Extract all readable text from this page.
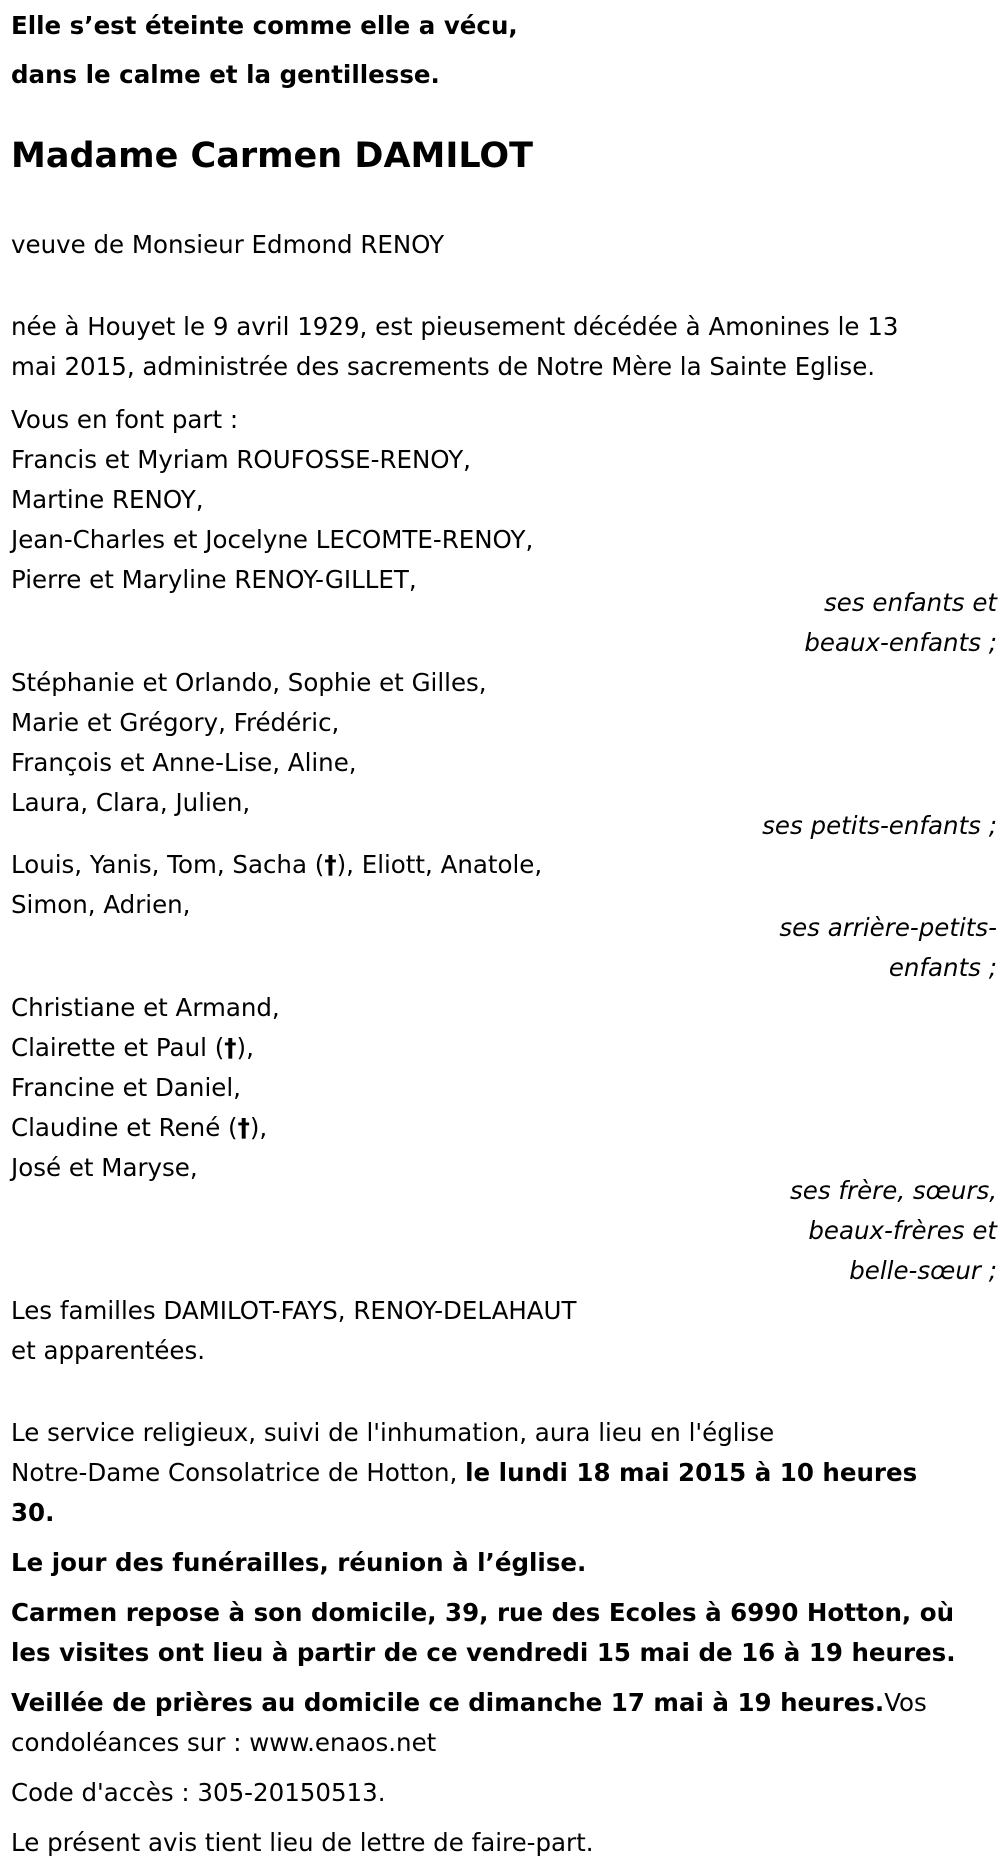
Elle s’est éteinte comme elle a vécu,

dans le calme et la gentillesse.

Madame Carmen DAMILOT

veuve de Monsieur Edmond RENOY

née à Houyet le 9 avril 1929, est pieusement décédée à Amonines le 13

mai 2015, administrée des sacrements de Notre Mère la Sainte Eglise.

Vous en font part :

Francis et Myriam ROUFOSSE-RENOY,

Martine RENOY,

Jean-Charles et Jocelyne LECOMTE-RENOY,

Pierre et Maryline RENOY-GILLET,

ses enfants et

beaux-enfants ;

Stéphanie et Orlando, Sophie et Gilles,

Marie et Grégory, Frédéric,

François et Anne-Lise, Aline,

Laura, Clara, Julien,

ses petits-enfants ;

Louis, Yanis, Tom, Sacha (†), Eliott, Anatole,

Simon, Adrien,

ses arrière-petits-

enfants ;

Christiane et Armand,

Clairette et Paul (†),

Francine et Daniel,

Claudine et René (†),

José et Maryse,

ses frère, sœurs,

beaux-frères et

belle-sœur ;

Les familles DAMILOT-FAYS, RENOY-DELAHAUT

et apparentées.

Le service religieux, suivi de l'inhumation, aura lieu en l'église

Notre-Dame Consolatrice de Hotton, le lundi 18 mai 2015 à 10 heures

30.

Le jour des funérailles, réunion à l’église.

Carmen repose à son domicile, 39, rue des Ecoles à 6990 Hotton, où

les visites ont lieu à partir de ce vendredi 15 mai de 16 à 19 heures.

Veillée de prières au domicile ce dimanche 17 mai à 19 heures.Vos

condoléances sur : www.enaos.net

Code d'accès : 305-20150513.

Le présent avis tient lieu de lettre de faire-part.
